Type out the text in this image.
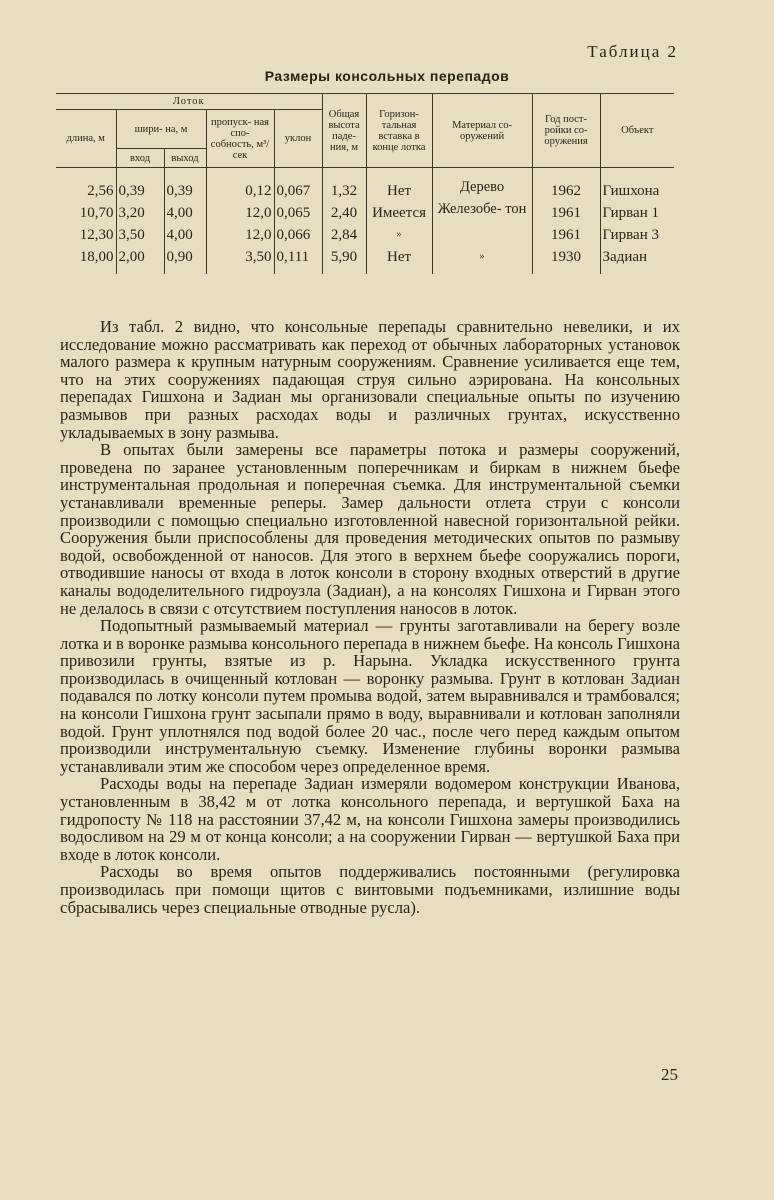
Таблица 2
Размеры консольных перепадов
Лоток					Общая высота паде- ния, м	Горизон- тальная вставка в конце лотка	Материал со- оружений	Год пост- ройки со- оружения	Объект
длина, м	шири- на, м		пропуск- ная спо- собность, м³/сек	уклон					
	вход	выход							
2,56	0,39	0,39	0,12	0,067	1,32	Нет	Дерево	1962	Гишхона
10,70	3,20	4,00	12,0	0,065	2,40	Имеется	Железобе- тон	1961	Гирван 1
12,30	3,50	4,00	12,0	0,066	2,84	»		1961	Гирван 3
18,00	2,00	0,90	3,50	0,111	5,90	Нет	»	1930	Задиан

Из табл. 2 видно, что консольные перепады сравнительно невелики, и их исследование можно рассматривать как переход от обычных лабораторных установок малого размера к крупным натурным сооружениям. Сравнение усиливается еще тем, что на этих сооружениях падающая струя сильно аэрирована. На консольных перепадах Гишхона и Задиан мы организовали специальные опыты по изучению размывов при разных расходах воды и различных грунтах, искусственно укладываемых в зону размыва.

В опытах были замерены все параметры потока и размеры сооружений, проведена по заранее установленным поперечникам и биркам в нижнем бьефе инструментальная продольная и поперечная съемка. Для инструментальной съемки устанавливали временные реперы. Замер дальности отлета струи с консоли производили с помощью специально изготовленной навесной горизонтальной рейки. Сооружения были приспособлены для проведения методических опытов по размыву водой, освобожденной от наносов. Для этого в верхнем бьефе сооружались пороги, отводившие наносы от входа в лоток консоли в сторону входных отверстий в другие каналы вододелительного гидроузла (Задиан), а на консолях Гишхона и Гирван этого не делалось в связи с отсутствием поступления наносов в лоток.

Подопытный размываемый материал — грунты заготавливали на берегу возле лотка и в воронке размыва консольного перепада в нижнем бьефе. На консоль Гишхона привозили грунты, взятые из р. Нарына. Укладка искусственного грунта производилась в очищенный котлован — воронку размыва. Грунт в котлован Задиан подавался по лотку консоли путем промыва водой, затем выравнивался и трамбовался; на консоли Гишхона грунт засыпали прямо в воду, выравнивали и котлован заполняли водой. Грунт уплотнялся под водой более 20 час., после чего перед каждым опытом производили инструментальную съемку. Изменение глубины воронки размыва устанавливали этим же способом через определенное время.

Расходы воды на перепаде Задиан измеряли водомером конструкции Иванова, установленным в 38,42 м от лотка консольного перепада, и вертушкой Баха на гидропосту № 118 на расстоянии 37,42 м, на консоли Гишхона замеры производились водосливом на 29 м от конца консоли; а на сооружении Гирван — вертушкой Баха при входе в лоток консоли.

Расходы во время опытов поддерживались постоянными (регулировка производилась при помощи щитов с винтовыми подъемниками, излишние воды сбрасывались через специальные отводные русла).

25
